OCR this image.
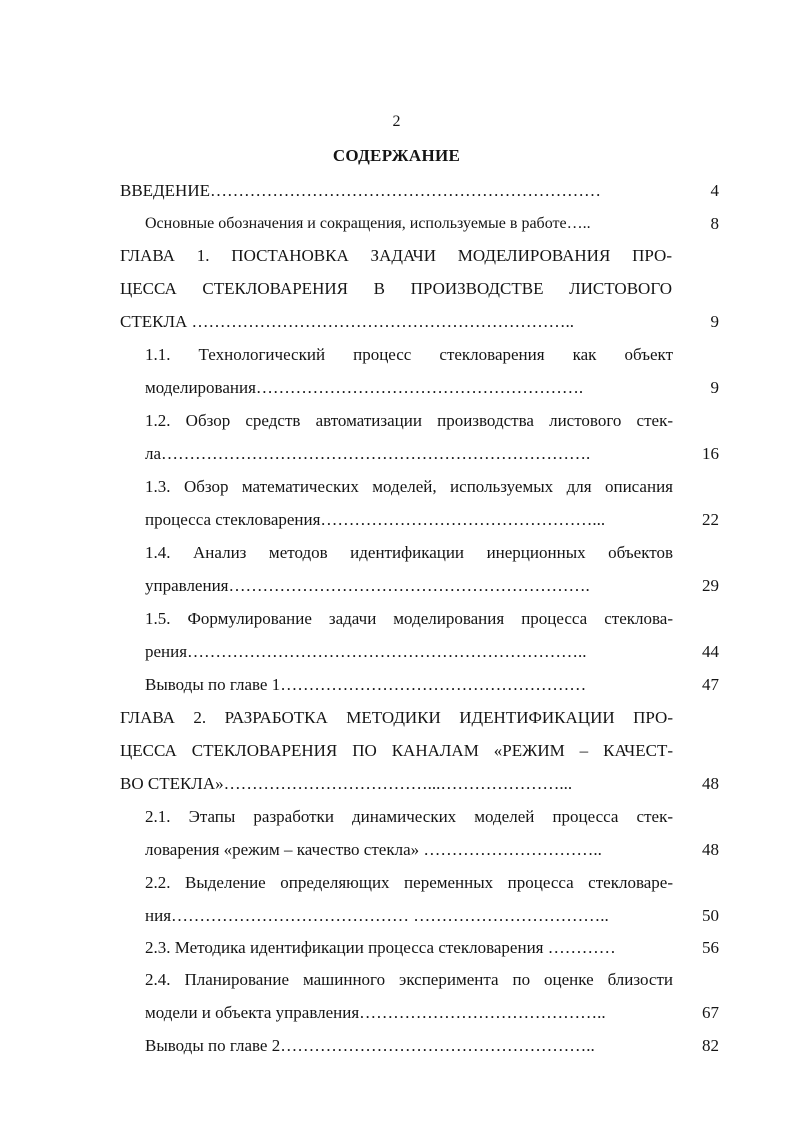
2
СОДЕРЖАНИЕ
ВВЕДЕНИЕ……………………………………………………………	4
Основные обозначения и сокращения, используемые в работе…..	8
ГЛАВА 1. ПОСТАНОВКА ЗАДАЧИ МОДЕЛИРОВАНИЯ ПРО-
ЦЕССА СТЕКЛОВАРЕНИЯ В ПРОИЗВОДСТВЕ ЛИСТОВОГО
СТЕКЛА …………………………………………………………..	9
1.1. Технологический процесс стекловарения как объект
моделирования………………………………………………….	9
1.2. Обзор средств автоматизации производства листового стек-
ла………………………………………………………………….	16
1.3. Обзор математических моделей, используемых для описания
процесса стекловарения…………………………………………...	22
1.4. Анализ методов идентификации инерционных объектов
управления……………………………………………………….	29
1.5. Формулирование задачи моделирования процесса стеклова-
рения……………………………………………………………..	44
Выводы по главе 1………………………………………………	47
ГЛАВА 2. РАЗРАБОТКА МЕТОДИКИ ИДЕНТИФИКАЦИИ ПРО-
ЦЕССА СТЕКЛОВАРЕНИЯ ПО КАНАЛАМ «РЕЖИМ – КАЧЕСТ-
ВО СТЕКЛА»………………………………...…………………...	48
2.1. Этапы разработки динамических моделей процесса стек-
ловарения «режим – качество стекла» …………………………..	48
2.2. Выделение определяющих переменных процесса стекловаре-
ния…………………………………… ……………………………..	50
2.3. Методика идентификации процесса стекловарения …………	56
2.4. Планирование машинного эксперимента по оценке близости
модели и объекта управления……………………………………..	67
Выводы по главе 2………………………………………………..	82
